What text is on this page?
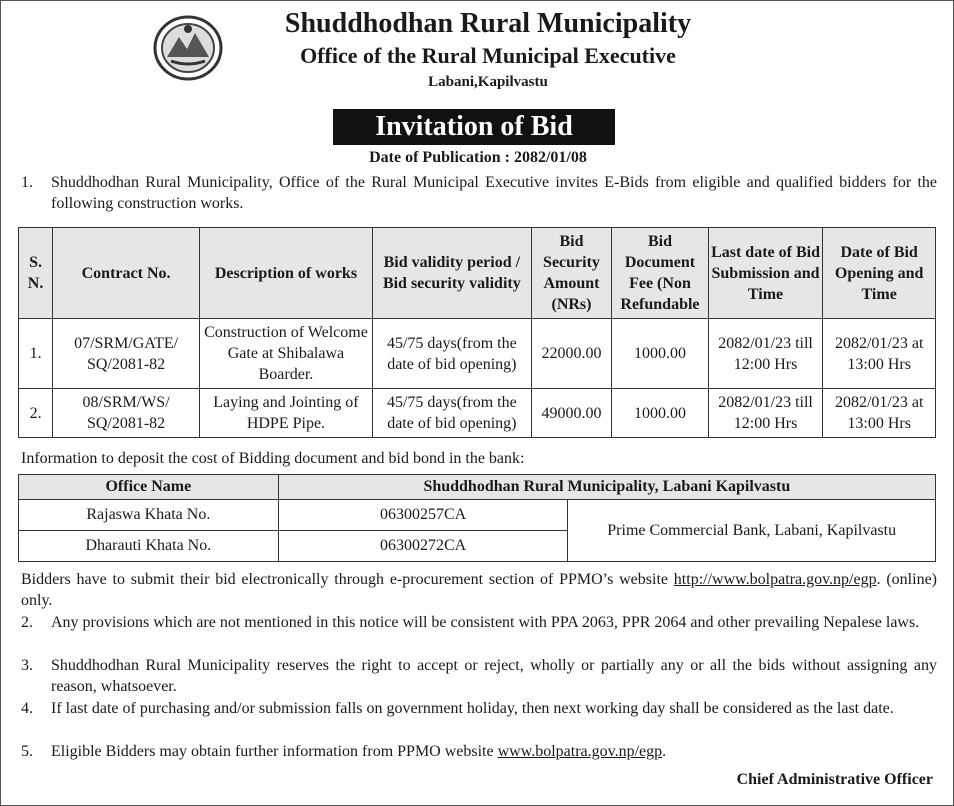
Shuddhodhan Rural Municipality
Office of the Rural Municipal Executive
Labani,Kapilvastu
Invitation of Bid
Date of Publication : 2082/01/08
1. Shuddhodhan Rural Municipality, Office of the Rural Municipal Executive invites E-Bids from eligible and qualified bidders for the following construction works.
S. N.	Contract No.	Description of works	Bid validity period / Bid security validity	Bid Security Amount (NRs)	Bid Document Fee (Non Refundable	Last date of Bid Submission and Time	Date of Bid Opening and Time
1.	07/SRM/GATE/ SQ/2081-82	Construction of Welcome Gate at Shibalawa Boarder.	45/75 days(from the date of bid opening)	22000.00	1000.00	2082/01/23 till 12:00 Hrs	2082/01/23 at 13:00 Hrs
2.	08/SRM/WS/ SQ/2081-82	Laying and Jointing of HDPE Pipe.	45/75 days(from the date of bid opening)	49000.00	1000.00	2082/01/23 till 12:00 Hrs	2082/01/23 at 13:00 Hrs
Information to deposit the cost of Bidding document and bid bond in the bank:
Office Name	Shuddhodhan Rural Municipality, Labani Kapilvastu	
Rajaswa Khata No.	06300257CA	Prime Commercial Bank, Labani, Kapilvastu
Dharauti Khata No.	06300272CA	
Bidders have to submit their bid electronically through e-procurement section of PPMO’s website http://www.bolpatra.gov.np/egp. (online) only.
2. Any provisions which are not mentioned in this notice will be consistent with PPA 2063, PPR 2064 and other prevailing Nepalese laws.
3. Shuddhodhan Rural Municipality reserves the right to accept or reject, wholly or partially any or all the bids without assigning any reason, whatsoever.
4. If last date of purchasing and/or submission falls on government holiday, then next working day shall be considered as the last date.
5. Eligible Bidders may obtain further information from PPMO website www.bolpatra.gov.np/egp.
Chief Administrative Officer
